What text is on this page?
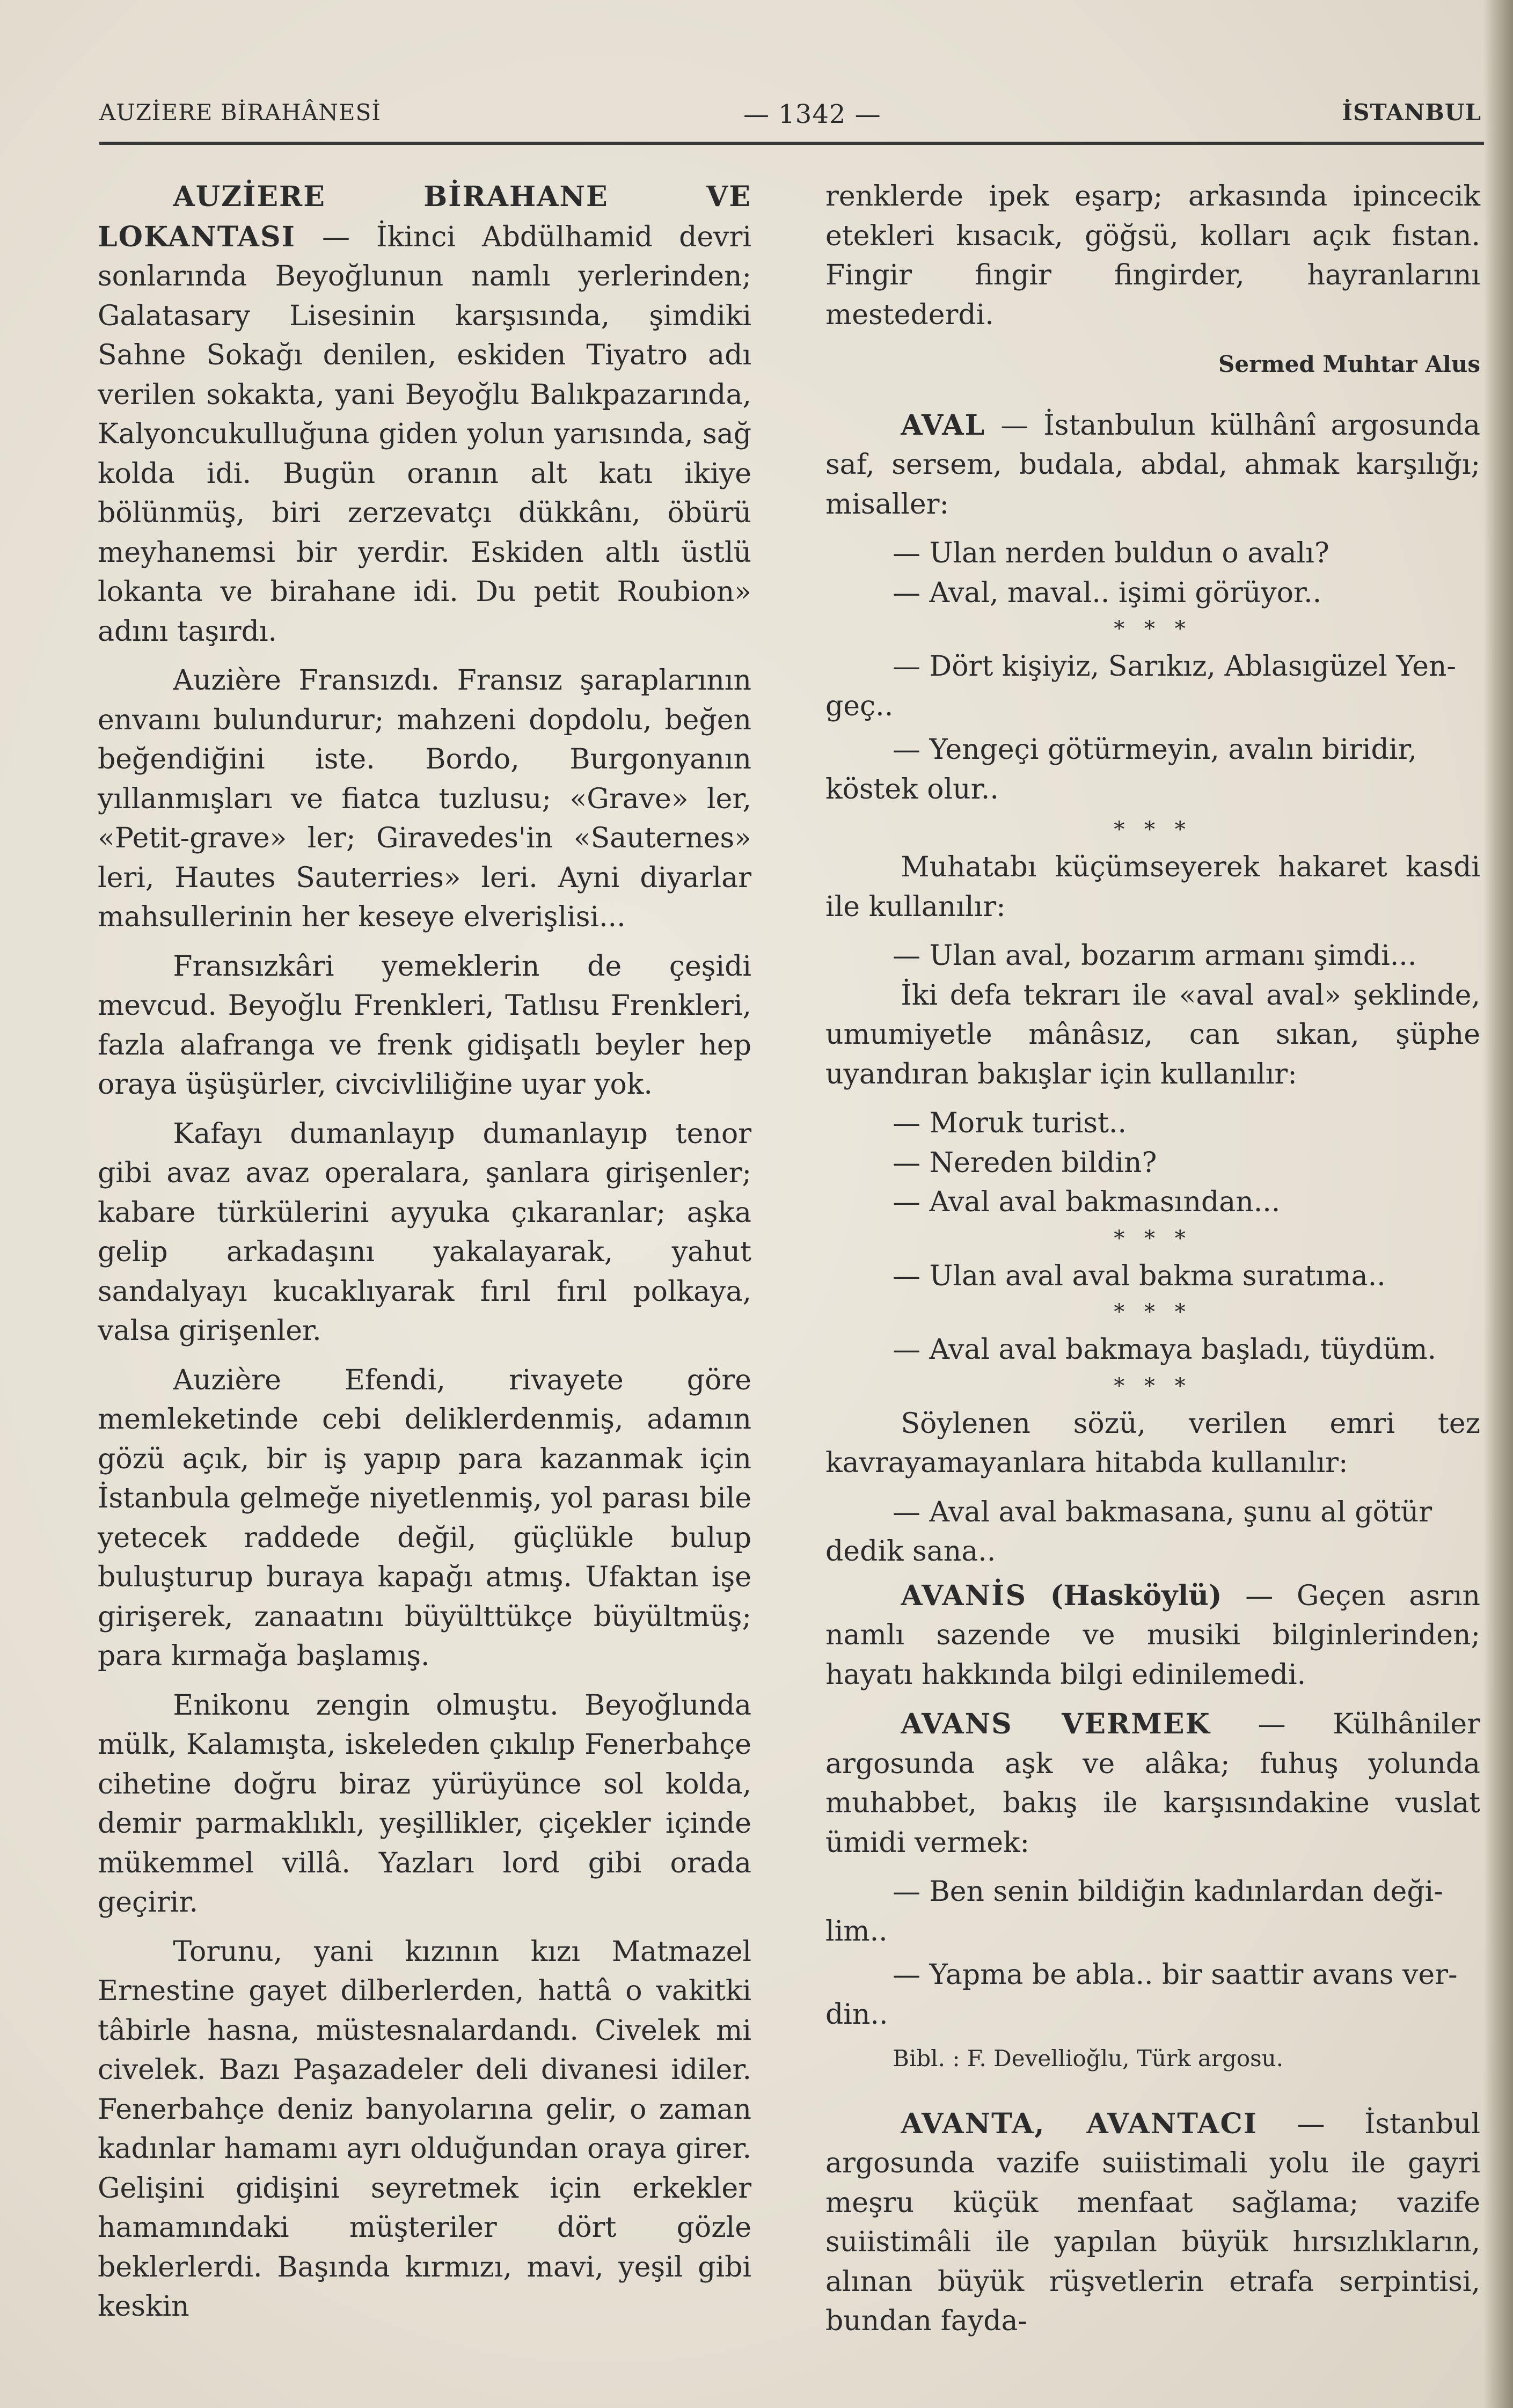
AUZİERE BİRAHÂNESİ	— 1342 —	İSTANBUL

AUZİERE BİRAHANE VE LOKANTASI — İkinci Abdülhamid devri sonlarında Beyoğlunun namlı yerlerinden; Galatasary Lisesinin karşısında, şimdiki Sahne Sokağı denilen, eskiden Tiyatro adı verilen sokakta, yani Beyoğlu Balıkpazarında, Kalyoncukulluğuna giden yolun yarısında, sağ kolda idi. Bugün oranın alt katı ikiye bölünmüş, biri zerzevatçı dükkânı, öbürü meyhanemsi bir yerdir. Eskiden altlı üstlü lokanta ve birahane idi. Du petit Roubion» adını taşırdı.

Auzière Fransızdı. Fransız şaraplarının envaını bulundurur; mahzeni dopdolu, beğen beğendiğini iste. Bordo, Burgonyanın yıllanmışları ve fiatca tuzlusu; «Grave» ler, «Petit-grave» ler; Giravedes'in «Sauternes» leri, Hautes Sauterries» leri. Ayni diyarlar mahsullerinin her keseye elverişlisi...

Fransızkâri yemeklerin de çeşidi mevcud. Beyoğlu Frenkleri, Tatlısu Frenkleri, fazla alafranga ve frenk gidişatlı beyler hep oraya üşüşürler, civcivliliğine uyar yok.

Kafayı dumanlayıp dumanlayıp tenor gibi avaz avaz operalara, şanlara girişenler; kabare türkülerini ayyuka çıkaranlar; aşka gelip arkadaşını yakalayarak, yahut sandalyayı kucaklıyarak fırıl fırıl polkaya, valsa girişenler.

Auzière Efendi, rivayete göre memleketinde cebi deliklerdenmiş, adamın gözü açık, bir iş yapıp para kazanmak için İstanbula gelmeğe niyetlenmiş, yol parası bile yetecek raddede değil, güçlükle bulup buluşturup buraya kapağı atmış. Ufaktan işe girişerek, zanaatını büyülttükçe büyültmüş; para kırmağa başlamış.

Enikonu zengin olmuştu. Beyoğlunda mülk, Kalamışta, iskeleden çıkılıp Fenerbahçe cihetine doğru biraz yürüyünce sol kolda, demir parmaklıklı, yeşillikler, çiçekler içinde mükemmel villâ. Yazları lord gibi orada geçirir.

Torunu, yani kızının kızı Matmazel Ernestine gayet dilberlerden, hattâ o vakitki tâbirle hasna, müstesnalardandı. Civelek mi civelek. Bazı Paşazadeler deli divanesi idiler. Fenerbahçe deniz banyolarına gelir, o zaman kadınlar hamamı ayrı olduğundan oraya girer. Gelişini gidişini seyretmek için erkekler hamamındaki müşteriler dört gözle beklerlerdi. Başında kırmızı, mavi, yeşil gibi keskin

renklerde ipek eşarp; arkasında ipincecik etekleri kısacık, göğsü, kolları açık fıstan. Fingir fingir fingirder, hayranlarını mestederdi.

Sermed Muhtar Alus

AVAL — İstanbulun külhânî argosunda saf, sersem, budala, abdal, ahmak karşılığı; misaller:

— Ulan nerden buldun o avalı?

— Aval, maval.. işimi görüyor..

* * *

— Dört kişiyiz, Sarıkız, Ablasıgüzel Yen-

geç..

— Yengeçi götürmeyin, avalın biridir,

köstek olur..

* * *

Muhatabı küçümseyerek hakaret kasdi ile kullanılır:

— Ulan aval, bozarım armanı şimdi...

İki defa tekrarı ile «aval aval» şeklinde, umumiyetle mânâsız, can sıkan, şüphe uyandıran bakışlar için kullanılır:

— Moruk turist..

— Nereden bildin?

— Aval aval bakmasından...

* * *

— Ulan aval aval bakma suratıma..

* * *

— Aval aval bakmaya başladı, tüydüm.

* * *

Söylenen sözü, verilen emri tez kavrayamayanlara hitabda kullanılır:

— Aval aval bakmasana, şunu al götür

dedik sana..

AVANİS (Hasköylü) — Geçen asrın namlı sazende ve musiki bilginlerinden; hayatı hakkında bilgi edinilemedi.

AVANS VERMEK — Külhâniler argosunda aşk ve alâka; fuhuş yolunda muhabbet, bakış ile karşısındakine vuslat ümidi vermek:

— Ben senin bildiğin kadınlardan deği-

lim..

— Yapma be abla.. bir saattir avans ver-

din..

Bibl. : F. Devellioğlu, Türk argosu.

AVANTA, AVANTACI — İstanbul argosunda vazife suiistimali yolu ile gayri meşru küçük menfaat sağlama; vazife suiistimâli ile yapılan büyük hırsızlıkların, alınan büyük rüşvetlerin etrafa serpintisi, bundan fayda-
